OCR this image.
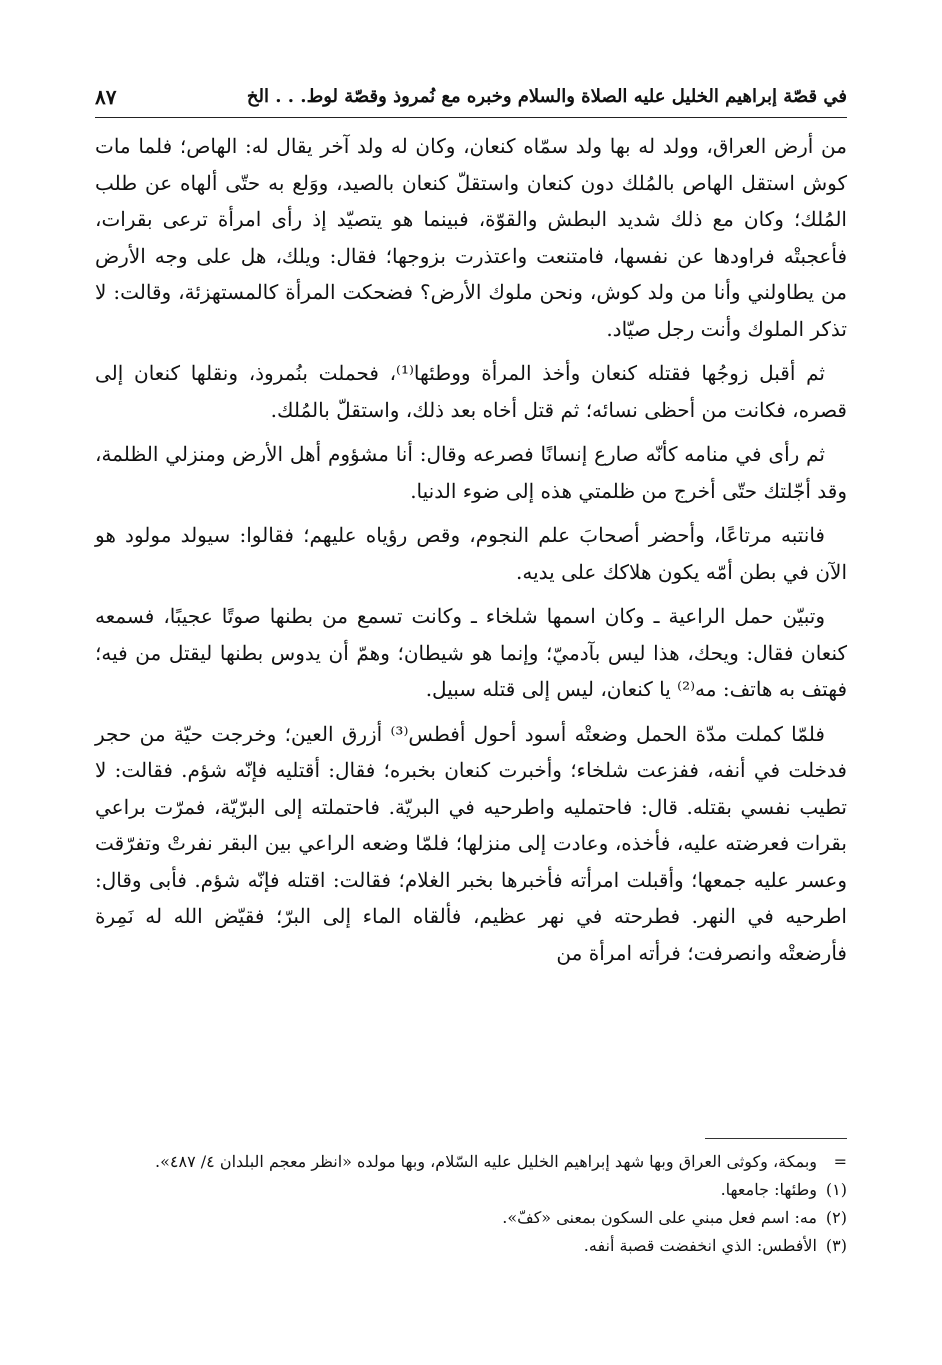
في قصّة إبراهيم الخليل عليه الصلاة والسلام وخبره مع نُمروذ وقصّة لوط. . . الخ
٨٧

من أرض العراق، وولد له بها ولد سمّاه كنعان، وكان له ولد آخر يقال له: الهاص؛ فلما مات كوش استقل الهاص بالمُلك دون كنعان واستقلّ كنعان بالصيد، ووَلع به حتّى ألهاه عن طلب المُلك؛ وكان مع ذلك شديد البطش والقوّة، فبينما هو يتصيّد إذ رأى امرأة ترعى بقرات، فأعجبتْه فراودها عن نفسها، فامتنعت واعتذرت بزوجها؛ فقال: ويلك، هل على وجه الأرض من يطاولني وأنا من ولد كوش، ونحن ملوك الأرض؟ فضحكت المرأة كالمستهزئة، وقالت: لا تذكر الملوك وأنت رجل صيّاد.

ثم أقبل زوجُها فقتله كنعان وأخذ المرأة ووطئها⁽¹⁾، فحملت بنُمروذ، ونقلها كنعان إلى قصره، فكانت من أحظى نسائه؛ ثم قتل أخاه بعد ذلك، واستقلّ بالمُلك.

ثم رأى في منامه كأنّه صارع إنسانًا فصرعه وقال: أنا مشؤوم أهل الأرض ومنزلي الظلمة، وقد أجّلتك حتّى أخرج من ظلمتي هذه إلى ضوء الدنيا.

فانتبه مرتاعًا، وأحضر أصحابَ علم النجوم، وقص رؤياه عليهم؛ فقالوا: سيولد مولود هو الآن في بطن أمّه يكون هلاكك على يديه.

وتبيّن حمل الراعية ـ وكان اسمها شلخاء ـ وكانت تسمع من بطنها صوتًا عجيبًا، فسمعه كنعان فقال: ويحك، هذا ليس بآدميّ؛ وإنما هو شيطان؛ وهمّ أن يدوس بطنها ليقتل من فيه؛ فهتف به هاتف: مه⁽²⁾ يا كنعان، ليس إلى قتله سبيل.

فلمّا كملت مدّة الحمل وضعتْه أسود أحول أفطس⁽³⁾ أزرق العين؛ وخرجت حيّة من حجر فدخلت في أنفه، ففزعت شلخاء؛ وأخبرت كنعان بخبره؛ فقال: أقتليه فإنّه شؤم. فقالت: لا تطيب نفسي بقتله. قال: فاحتمليه واطرحيه في البريّة. فاحتملته إلى البرّيّة، فمرّت براعي بقرات فعرضته عليه، فأخذه، وعادت إلى منزلها؛ فلمّا وضعه الراعي بين البقر نفرتْ وتفرّقت وعسر عليه جمعها؛ وأقبلت امرأته فأخبرها بخبر الغلام؛ فقالت: اقتله فإنّه شؤم. فأبى وقال: اطرحيه في النهر. فطرحته في نهر عظيم، فألقاه الماء إلى البرّ؛ فقيّض الله له نَمِرة فأرضعتْه وانصرفت؛ فرأته امرأة من

=
وبمكة، وكوثى العراق وبها شهد إبراهيم الخليل عليه السّلام، وبها مولده «انظر معجم البلدان ٤/ ٤٨٧».
(١)
وطئها: جامعها.
(٢)
مه: اسم فعل مبني على السكون بمعنى «كفّ».
(٣)
الأفطس: الذي انخفضت قصبة أنفه.
